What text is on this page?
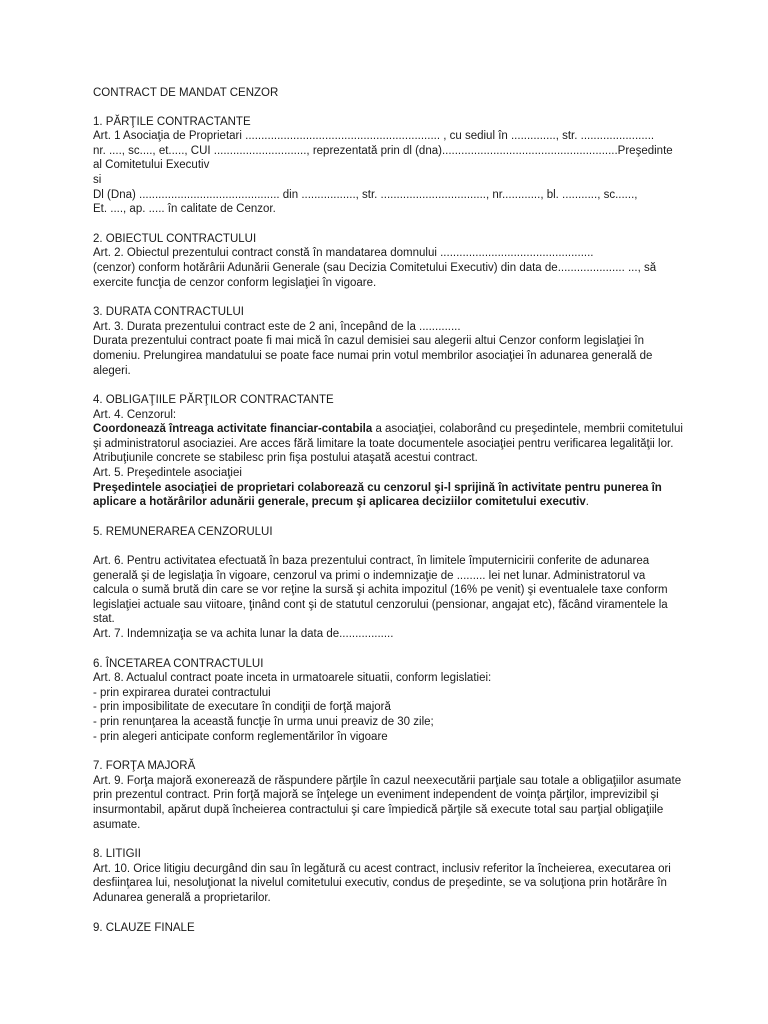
CONTRACT DE MANDAT CENZOR
1. PĂRŢILE CONTRACTANTE
Art. 1 Asociaţia de Proprietari ............................................................. , cu sediul în .............., str. .......................
nr. ...., sc...., et....., CUI ............................., reprezentată prin dl (dna).......................................................Preşedinte al Comitetului Executiv
si
Dl (Dna) ............................................ din ................., str. ................................., nr............, bl. ..........., sc......,
Et. ...., ap. ..... în calitate de Cenzor.
2. OBIECTUL CONTRACTULUI
Art. 2. Obiectul prezentului contract constă în mandatarea domnului ................................................
(cenzor) conform hotărârii Adunării Generale (sau Decizia Comitetului Executiv) din data de..................... ..., să exercite funcţia de cenzor conform legislaţiei în vigoare.
3. DURATA CONTRACTULUI
Art. 3. Durata prezentului contract este de 2 ani, începând de la .............
Durata prezentului contract poate fi mai mică în cazul demisiei sau alegerii altui Cenzor conform legislaţiei în domeniu. Prelungirea mandatului se poate face numai prin votul membrilor asociaţiei în adunarea generală de alegeri.
4. OBLIGAŢIILE PĂRŢILOR CONTRACTANTE
Art. 4. Cenzorul:
Coordonează întreaga activitate financiar-contabila a asociaţiei, colaborând cu preşedintele, membrii comitetului şi administratorul asociaziei. Are acces fără limitare la toate documentele asociaţiei pentru verificarea legalităţii lor. Atribuţiunile concrete se stabilesc prin fişa postului ataşată acestui contract.
Art. 5. Preşedintele asociaţiei
Preşedintele asociaţiei de proprietari colaborează cu cenzorul şi-l sprijină în activitate pentru punerea în aplicare a hotărârilor adunării generale, precum şi aplicarea deciziilor comitetului executiv.
5. REMUNERAREA CENZORULUI
Art. 6. Pentru activitatea efectuată în baza prezentului contract, în limitele împuternicirii conferite de adunarea generală şi de legislaţia în vigoare, cenzorul va primi o indemnizaţie de ......... lei net lunar. Administratorul va calcula o sumă brută din care se vor reţine la sursă şi achita impozitul (16% pe venit) şi eventualele taxe conform legislaţiei actuale sau viitoare, ţinând cont şi de statutul cenzorului (pensionar, angajat etc), făcând viramentele la stat.
Art. 7. Indemnizaţia se va achita lunar la data de.................
6. ÎNCETAREA CONTRACTULUI
Art. 8. Actualul contract poate inceta in urmatoarele situatii, conform legislatiei:
- prin expirarea duratei contractului
- prin imposibilitate de executare în condiţii de forţă majoră
- prin renunţarea la această funcţie în urma unui preaviz de 30 zile;
- prin alegeri anticipate conform reglementărilor în vigoare
7. FORŢA MAJORĂ
Art. 9. Forţa majoră exonerează de răspundere părţile în cazul neexecutării parţiale sau totale a obligaţiilor asumate prin prezentul contract. Prin forţă majoră se înţelege un eveniment independent de voinţa părţilor, imprevizibil şi insurmontabil, apărut după încheierea contractului şi care împiedică părţile să execute total sau parţial obligaţiile asumate.
8. LITIGII
Art. 10. Orice litigiu decurgând din sau în legătură cu acest contract, inclusiv referitor la încheierea, executarea ori desfiinţarea lui, nesoluţionat la nivelul comitetului executiv, condus de preşedinte, se va soluţiona prin hotărâre în Adunarea generală a proprietarilor.
9. CLAUZE FINALE
